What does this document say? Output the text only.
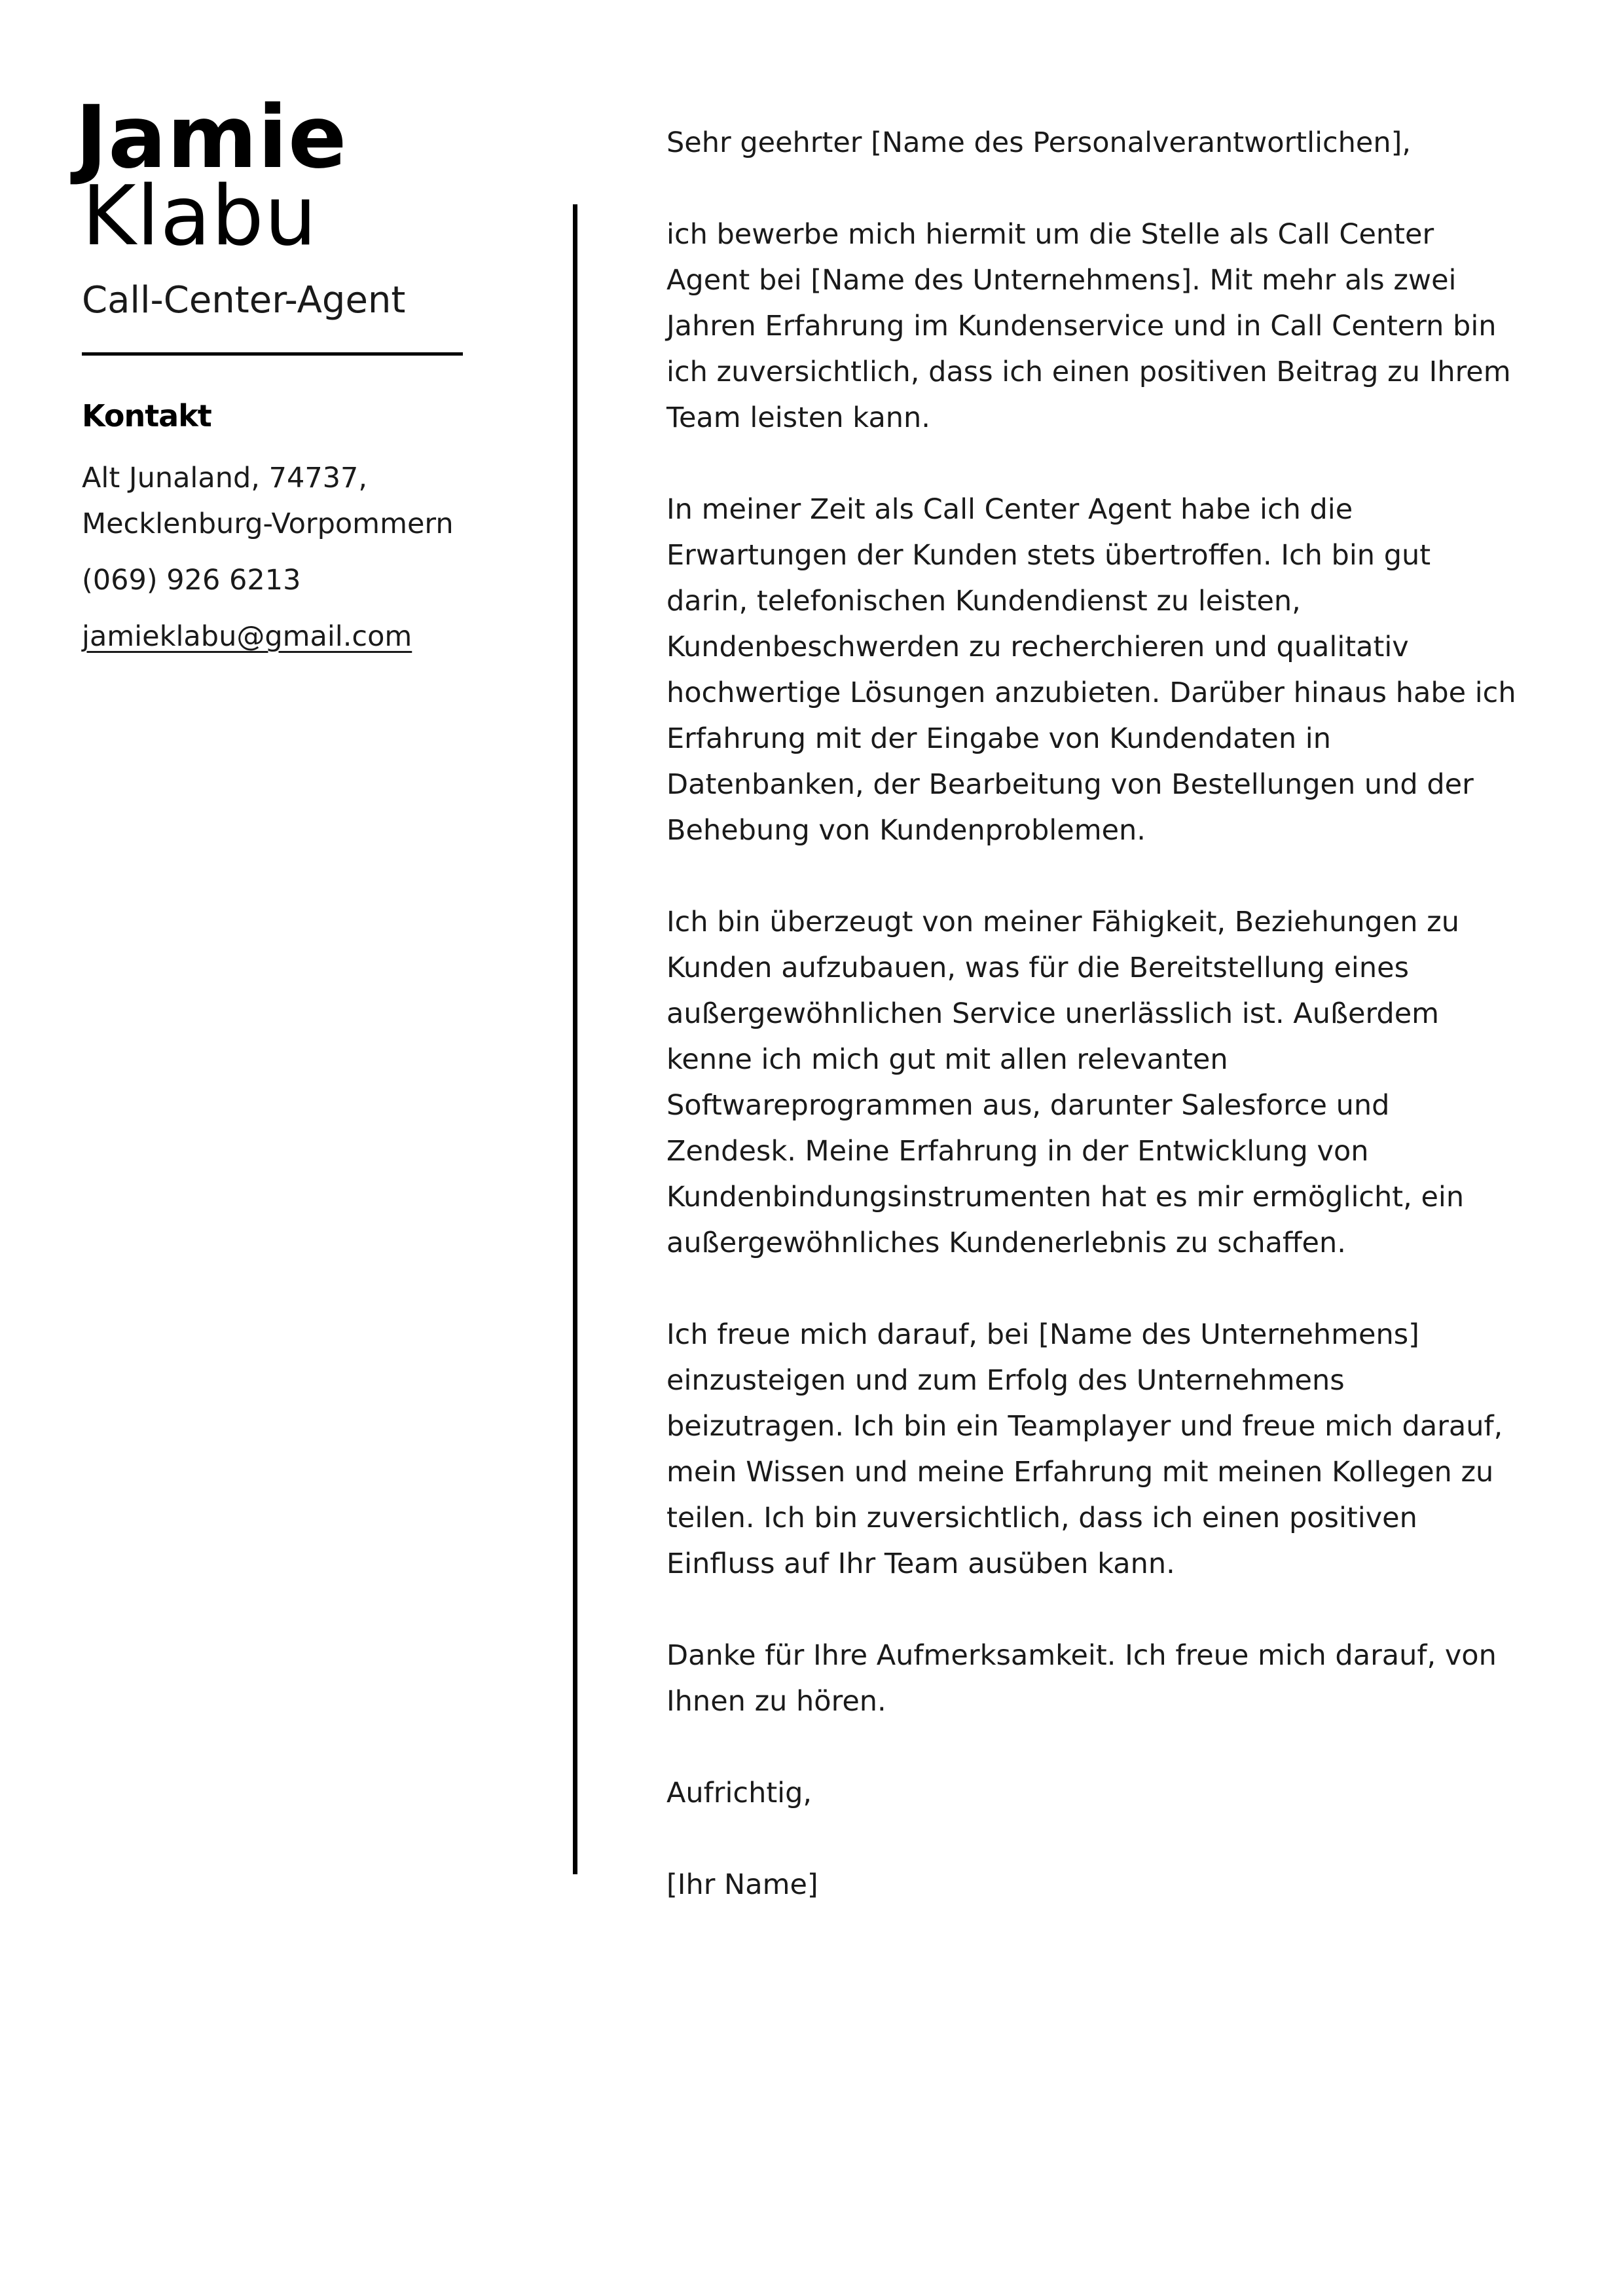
Jamie
Klabu
Call-Center-Agent
Kontakt
Alt Junaland, 74737,
Mecklenburg-Vorpommern
(069) 926 6213
jamieklabu@gmail.com

Sehr geehrter [Name des Personalverantwortlichen],

ich bewerbe mich hiermit um die Stelle als Call Center Agent bei [Name des Unternehmens]. Mit mehr als zwei Jahren Erfahrung im Kundenservice und in Call Centern bin ich zuversichtlich, dass ich einen positiven Beitrag zu Ihrem Team leisten kann.

In meiner Zeit als Call Center Agent habe ich die Erwartungen der Kunden stets übertroffen. Ich bin gut darin, telefonischen Kundendienst zu leisten, Kundenbeschwerden zu recherchieren und qualitativ hochwertige Lösungen anzubieten. Darüber hinaus habe ich Erfahrung mit der Eingabe von Kundendaten in Datenbanken, der Bearbeitung von Bestellungen und der Behebung von Kundenproblemen.

Ich bin überzeugt von meiner Fähigkeit, Beziehungen zu Kunden aufzubauen, was für die Bereitstellung eines außergewöhnlichen Service unerlässlich ist. Außerdem kenne ich mich gut mit allen relevanten Softwareprogrammen aus, darunter Salesforce und Zendesk. Meine Erfahrung in der Entwicklung von Kundenbindungsinstrumenten hat es mir ermöglicht, ein außergewöhnliches Kundenerlebnis zu schaffen.

Ich freue mich darauf, bei [Name des Unternehmens] einzusteigen und zum Erfolg des Unternehmens beizutragen. Ich bin ein Teamplayer und freue mich darauf, mein Wissen und meine Erfahrung mit meinen Kollegen zu teilen. Ich bin zuversichtlich, dass ich einen positiven Einfluss auf Ihr Team ausüben kann.

Danke für Ihre Aufmerksamkeit. Ich freue mich darauf, von Ihnen zu hören.

Aufrichtig,

[Ihr Name]
